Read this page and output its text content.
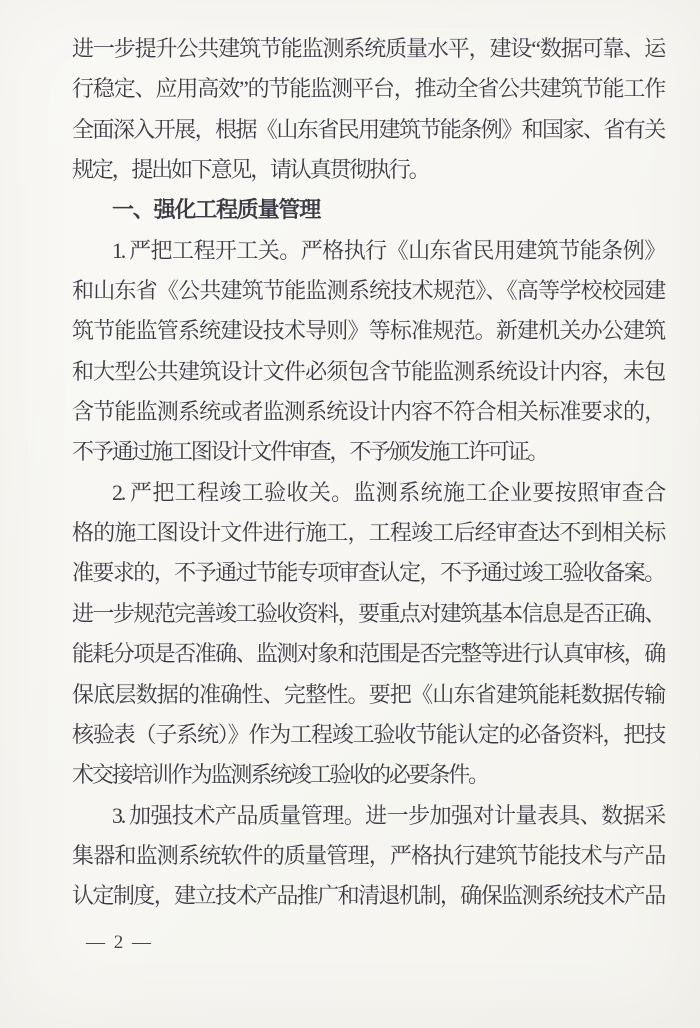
进一步提升公共建筑节能监测系统质量水平，建设“数据可靠、运
行稳定、应用高效”的节能监测平台，推动全省公共建筑节能工作
全面深入开展，根据《山东省民用建筑节能条例》和国家、省有关
规定，提出如下意见，请认真贯彻执行。
一、强化工程质量管理
1. 严把工程开工关。严格执行《山东省民用建筑节能条例》
和山东省《公共建筑节能监测系统技术规范》、《高等学校校园建
筑节能监管系统建设技术导则》等标准规范。新建机关办公建筑
和大型公共建筑设计文件必须包含节能监测系统设计内容，未包
含节能监测系统或者监测系统设计内容不符合相关标准要求的，
不予通过施工图设计文件审查，不予颁发施工许可证。
2. 严把工程竣工验收关。监测系统施工企业要按照审查合
格的施工图设计文件进行施工，工程竣工后经审查达不到相关标
准要求的，不予通过节能专项审查认定，不予通过竣工验收备案。
进一步规范完善竣工验收资料，要重点对建筑基本信息是否正确、
能耗分项是否准确、监测对象和范围是否完整等进行认真审核，确
保底层数据的准确性、完整性。要把《山东省建筑能耗数据传输
核验表（子系统）》作为工程竣工验收节能认定的必备资料，把技
术交接培训作为监测系统竣工验收的必要条件。
3. 加强技术产品质量管理。进一步加强对计量表具、数据采
集器和监测系统软件的质量管理，严格执行建筑节能技术与产品
认定制度，建立技术产品推广和清退机制，确保监测系统技术产品
— 2 —
